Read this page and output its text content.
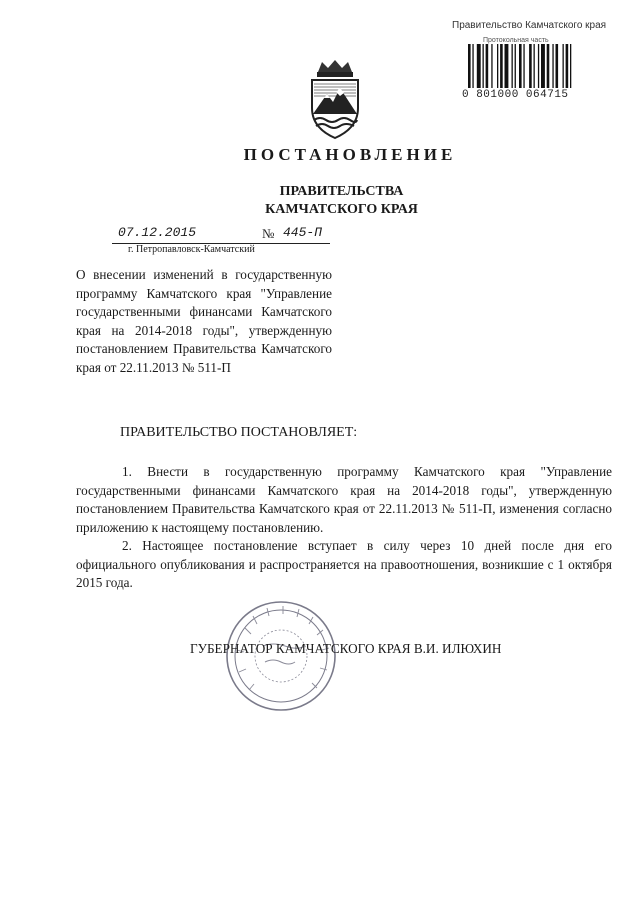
Правительство Камчатского края
Протокольная часть
0 801000 064715
ПОСТАНОВЛЕНИЕ
ПРАВИТЕЛЬСТВА
КАМЧАТСКОГО КРАЯ
07.12.2015	№ 445-П
г. Петропавловск-Камчатский
О внесении изменений в государственную программу Камчатского края "Управление государственными финансами Камчатского края на 2014-2018 годы", утвержденную постановлением Правительства Камчатского края от 22.11.2013 № 511-П
ПРАВИТЕЛЬСТВО ПОСТАНОВЛЯЕТ:
1. Внести в государственную программу Камчатского края "Управление государственными финансами Камчатского края на 2014-2018 годы", утвержденную постановлением Правительства Камчатского края от 22.11.2013 № 511-П, изменения согласно приложению к настоящему постановлению.
2. Настоящее постановление вступает в силу через 10 дней после дня его официального опубликования и распространяется на правоотношения, возникшие с 1 октября 2015 года.
ГУБЕРНАТОР КАМЧАТСКОГО КРАЯ В.И. ИЛЮХИН
